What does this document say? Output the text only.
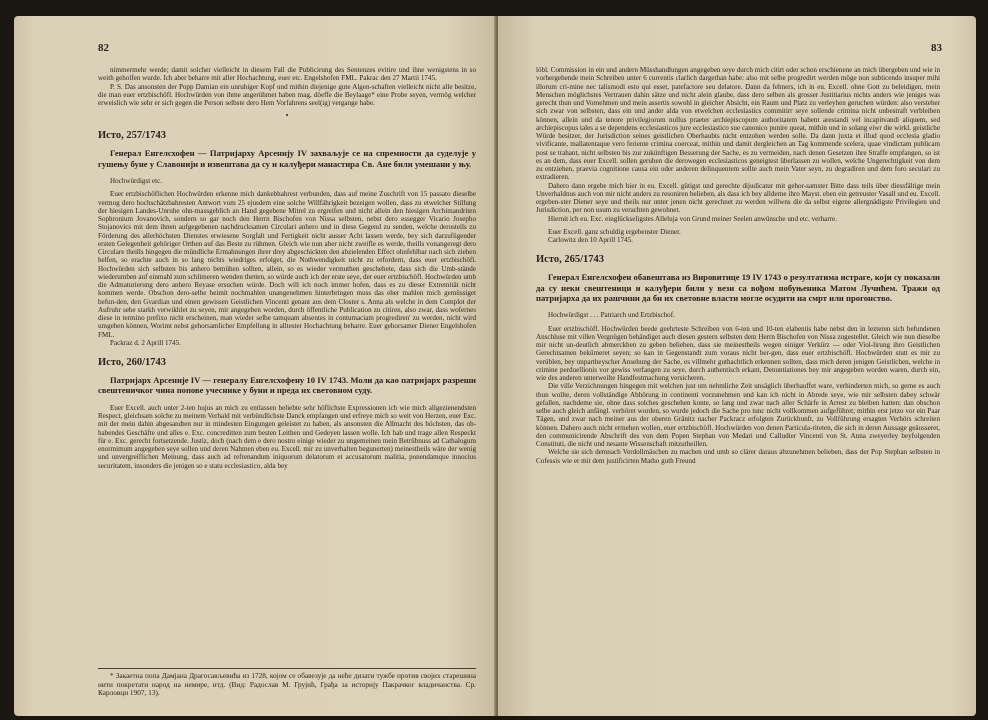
82

nimmermehr werde; damit solcher vielleicht in diesem Fall die Publicirung des Sentenzes evitire und ihne wenigstens in so weith geholfen wurde. Ich aber beharre mit aller Hochachtung, euer etc. Engelshofen FML. Pakrac den 27 Martii 1745.

P. S. Das ansonsten der Popp Damian ein unruhiger Kopf und mithin diejenige gute Algen-schaften vielleicht nicht alle besitze, die man euer ertzbischöfl. Hochwürden von ihme angerühmet haben mag, döeffe die Beylaage* eine Probe seyen, vermög welcher erweislich wie sehr er sich gegen die Person selbste dero Hem Vorfahrens seel(ig) vergange habe.

•
Исто, 257/1743

Генерал Енгелсхофен — Патријарху Арсенију IV захваљује се на спремности да суделује у гушењу буне у Славонији и извештава да су и калуђери манастира Св. Ане били умешани у њу.

Hochwürdigst etc.

Euer ertzbischöflichen Hochwürden erkenne mich dankebhahrest verbunden, dass auf meine Zuschrift von 15 passato dieselbe vermog dero hochschätzbahresten Antwort vom 25 ejusdem eine solche Willfährigkeit bezeigen wollen, dass zu etwelcher Stillung der hiesigen Landes-Unruhe ohn-massgeblich an Hand gegebene Mitrel zu ergreifen und nicht allein den hiesigen Archimandriten Sophronium Jovanovich, sondern so gar noch den Herrn Bischofen von Nissa selbsten, nebst dero essegger Vicario Josepho Stojanovics mit dem ihnen aufgegebenen nachdrucksamen Circulari anhero und in diese Gegend zu senden, welche derosteils zu Förderung des allerhöchsten Dienstes erwiesene Sorgfalt und Fertigkeit nicht ausser Acht lassen werde, bey sich darzufügender ersten Gelegenheit gehöriger Orthen auf das Beste zu rühmen. Gleich wie nun aber nicht zweifle es werde, theills vonangeregt dero Circulare theills hingegen die mündliche Ermahnungen ihrer drey abgeschickten den abzielenden Effect ohnfehlbar nach sich ziehen helfen, so erachte auch in so lang nichts wiedriges erfolget, die Nothwendigkeit nicht zu erfordern, dass euer ertzbischöfl. Hochwürden sich selbsten bis anhero bemühen sollten, allein, so es wieder vermuthen geschehete, dass sich die Umb-stände wiederumben auf einmahl zum schlimeren wenden thetten, so würde auch ich der erste seye, der euer ertzbischöfl. Hochwürden umb die Admaturierung dero anhero Reyase ersuchen würde. Doch will ich noch immer hofen, dass es zu dieser Extremität nicht kommen werde. Obschon dero-selbe heimit nochmahlen unangenehmen hinterbringen muss das eher mahlen mich gemüssiget befun-den, den Gvardian und einen gewissen Geistlichen Vincenti genant aus dem Closter s. Anna als welche in dem Complot der Aufruhr sehe starkh verwikhlet zu seyen, mir angegeben worden, durch öffentliche Publication zu citiren, also zwar, dass wofernes diese in termino prefixo nicht erscheinen, man wieder selbe tamquam absentes in contumaciam progrediren' zu werden, nicht wird umgehen können, Worimt nebst gehorsamlicher Empfellung in alltester Hochachtung beharre. Euer gehorsamer Diener Engelshofen FML.

Packraz d. 2 Aprill 1745.

Исто, 260/1743

Патријарх Арсеније IV — генералу Енгелсхофену 10 IV 1743. Моли да као патријарх разреши свештеничког чина попове учеснике у буни и преда их световном суду.

Euer Excell. auch unter 2-ten hujus an mich zu entlassen beliebte sehr höflichste Expressionen ich wie mich allgezienendsten Respect, gleichsam solche zu meinem Verhald mit verbündlichste Danck empfangen und erfreye mich so weit von Herzen, euer Exc. mit der mein dahin abgesandten nur in mindesten Eingungen geleistet zu haben, als ansonsten die Allmacht des höchsten, das ob-habendes Geschäfte und alles e. Exc. concreditten zum besten Leithen und Gedeyen lassen wolle. Ich hab und trage allen Respeckt für e. Exc. gerecht fortsetzende. Justiz, doch (nach dem e dero nostro einige wieder zu ungemeinen mein Betrübnuss ad Cathalogum enormimum angegeben seye sollen und deren Nahmen eben eu. Excell. mir zu unverhalten begunerten) meinestheils wäre der wenig und unvergreiflichen Meinung, dass auch ad refrenandum iniquorum delatorum et accusatorum malitia, ponendamque innocius securitatem, insonders die jenigen so e statu ecclesiastico, alda bey

* Закаетна попа Дамјана Драгосављевића из 1728, којом се обавезује да неће дизати тужбе против својих старешина нити покретати народ на немире, итд. (Вид: Радослав М. Грујић, Грађа за историју Пакрачког владичанства. Ср. Карловци 1907, 13).

83

löbl. Commission in ein und andern Müsshandlungen angegeben seye durch mich citirt oder schon erschienene an mich übergeben und wie in vorhergehende mein Schreiben unter 6 currentis clarlich dargethan habe: also mit selbe progredirt werden möge non subticendo insuper mihi illorum cri-mine nec talismodi esto qui esset, patefactore seu delatore. Dann da fehners, ich in eu. Excell. ohne Gott zu beleidigen, mein Menschen möglichstes Vertrauen dahin sätze und nicht alein glaube, dass dero selben als grosser Justitiarius nichts anders wie jeniges was gerecht thun und Vornehmen und mein assertis sowohl in gleicher Absicht, ein Raum und Platz zu verleyhen geruchen würden: also versteher sich zwar von selbsten, dass ein und ander alda von etwelchen ecclesiastics commitirr seye sollende crimina nicht unbestraft verbleiben können, allein und da tenore privilegiorum nullus praeter archiepiscopum authoritatem habent arestandi vel incapitvandi aliquem, sed archiepiscopus tales a se dependens ecclesiasticos jure ecclesiastico sue canonico punire queat, mithin und in solang eiwr die wirkl. geistliche Würde besitzer, der Jurisdiction seines geistlichen Oberhaubts nicht entzohen werden solle. Da dann juxta et illud quod ecclesia gladio vivificante, mallatentaque vero feriente crimina coerceat, mithin und damit dergleichen an Tag kommende scelera, quae vindictam publicam post se trahant, nicht selbsten bis zur zukünftigen Besserung der Sache, es zu vermeiden, nach denen Gesetzen ihre Straffe empfangen, so ist es an dem, dass euer Excell. sollen geruhen die derowegen ecclesiasticos geneigtest überlassen zu wollen, welche Ungerechtigkeit von dem zu entziehen, praevia cognitione causa ein oder anderen delinquentem sollte auch mein Vater seyn, zu degradiren und dem foro seculari zu extradieren.

Dahero dann ergebe mich hier in eu. Excell. gütigst und gerechte dijudicatur mit gehor-samster Bitte dass teils über diessfältige mein Unverhaldnus auch von mir nicht anders zu resoniren belieben, als dass ich bey allderne ihro Mayst. eben ein getreuster Vasall und eu. Excell. ergeben-ster Diener seye und theils nur unter jenen nicht gerechnet zu werden willwns die da selbst eigene allergnädigste Privilegien und Jurisdiction, per non usum zu verachten gewohnet.

Hiernit ich eu. Exc. einglückseligstes Alleluja von Grund meiner Seelen anwünsche und etc. verharre.

Euer Excell. ganz schuldig ergebenster Diener.

Carlowitz den 10 Aprill 1745.

Исто, 265/1743

Генерал Енгелсхофен обавештава из Вировитице 19 IV 1743 о резултатима истраге, који су показали да су неки свештеници и калуђери били у вези са вођом побуњеника Матом Лучићем. Тражи од патријарха да их рашчини да би их световне власти могле осудити на смрт или прогонство.

Hochwürdigst . . . Patriarch und Ertzbischof.

Euer ertzbischöfl. Hochwürden beede geehrteste Schreiben von 6-ten und 10-ten elabentis habe nebst den in lezteren sich befundenen Anschluse mit villen Vergnügen behändiget auch diesen gestern selbsten dem Herrn Bischofen von Nissa zugestellet. Gleich wie nun dieselbe mir nicht un-deutlich abmerckhen zu geben belieben, dass sie meinestheils wegen einiger Verkürz — oder Viol-lirung ihro Geistlichen Gerechtsamen bekümeret seyen; so kan in Gegenstandt zum voraus nicht ber-gen, dass euer ertzbischöfl. Hochwürden stutt es mir zu verüblen, bey unpartheyscher Ansehung der Sache, es villmehr guthachtlich erkennen sollten, dass mich deren jenigen Geistlichen, welche in crimine perduellionis vor gewiss verfangen zu seye, durch authentisch erkant, Denuntiationes bey mir angegeben worden waren, durch ein, wie des anderen unterweilte Handfestmachung versicheren.

Die ville Verzichnungen hingegen mit welchen just um nehmliche Zeit unsäglich überhauffet ware, verhinderten mich, so gerne es auch thun wollte, deren vollständige Abhörung in continenti vorzunehmen und kan ich nicht in Abrede seye, wie mir selbsten dabey schwär gefallen, nachdeme sie, ohne dass solches geschehen konte, so lang und zwar nach aller Schärfe in Arrest zu bleiben hatten; dan obschon selbe auch gleich anfängl. verhöret worden, so wurde jedoch die Sache pro tunc nicht vollkommen aufgeführet; mithin erst jetzo vor ein Paar Tägen, und zwar nach meiner aus der oberen Gränitz nacher Packracz erfolgten Zurückhunft, zu Vollführung ersagten Verhörs schreiten können. Dahero auch nicht ermehen wollen, euer ertzbischöfl. Hochwürden von denen Particula-riteten, die sich in deren Aussage geäusseret, den communicirende Abschrift des von dem Popen Stephan von Medari und Calludier Vincenti von St. Anna zweyerley beyfolgenden Constituti, die nicht und nesante Wissenschaft mitzutheillen.

Welche sie sich demnach Verdollmäschen zu machen und umb so clärer daraus abzunehmen belieben, dass der Pop Stephan selbsten in Cofessis wie er mit dem justificirten Matho guth Freund
